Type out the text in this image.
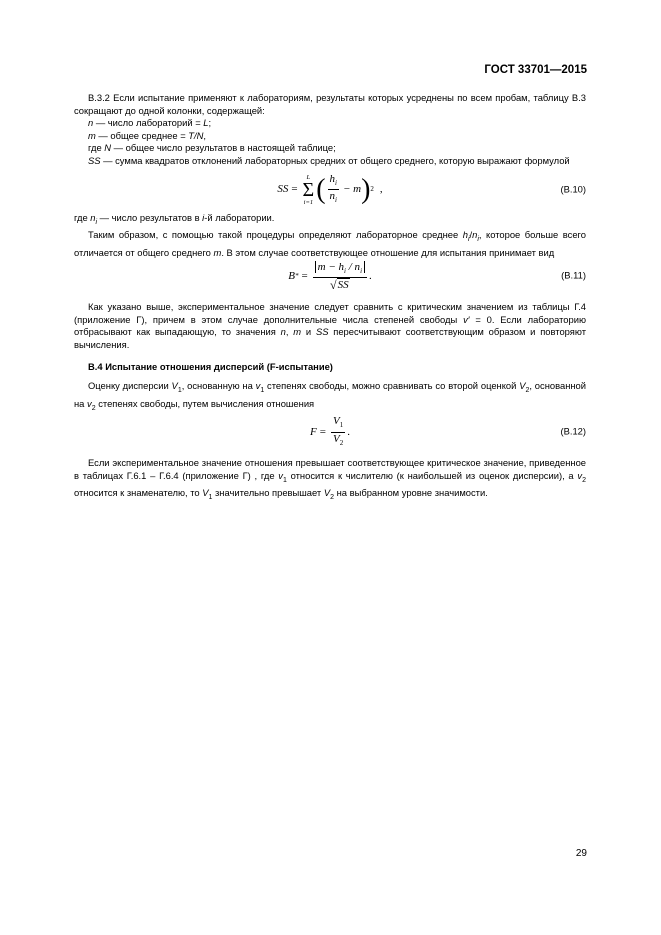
ГОСТ 33701—2015

B.3.2 Если испытание применяют к лабораториям, результаты которых усреднены по всем пробам, таблицу B.3 сокращают до одной колонки, содержащей:

n — число лабораторий = L;

m — общее среднее = T/N,

где N — общее число результатов в настоящей таблице;

SS — сумма квадратов отклонений лабораторных средних от общего среднего, которую выражают формулой

SS =
L
Σ
i=1 ( $\frac{h_i}{n_i} - m$ ) 2 ,	(B.10)

где $n_i$ — число результатов в i-й лаборатории.

Таким образом, с помощью такой процедуры определяют лабораторное среднее $h_i/n_i$, которое больше всего отличается от общего среднего m. В этом случае соответствующее отношение для испытания принимает вид

B * = $\frac{m - h_i / n_i}{√ SS}$ .	(B.11)

Как указано выше, экспериментальное значение следует сравнить с критическим значением из таблицы Г.4 (приложение Г), причем в этом случае дополнительные числа степеней свободы v′ = 0. Если лабораторию отбрасывают как выпадающую, то значения n, m и SS пересчитывают соответствующим образом и повторяют вычисления.

B.4 Испытание отношения дисперсий (F-испытание)

Оценку дисперсии $V_1$, основанную на $v_1$ степенях свободы, можно сравнивать со второй оценкой $V_2$, основанной на $v_2$ степенях свободы, путем вычисления отношения

$F = \frac{V_1}{V_2}$ .	(B.12)

Если экспериментальное значение отношения превышает соответствующее критическое значение, приведенное в таблицах Г.6.1 – Г.6.4 (приложение Г) , где $v_1$ относится к числителю (к наибольшей из оценок дисперсии), а $v_2$ относится к знаменателю, то $V_1$ значительно превышает $V_2$ на выбранном уровне значимости.

29
